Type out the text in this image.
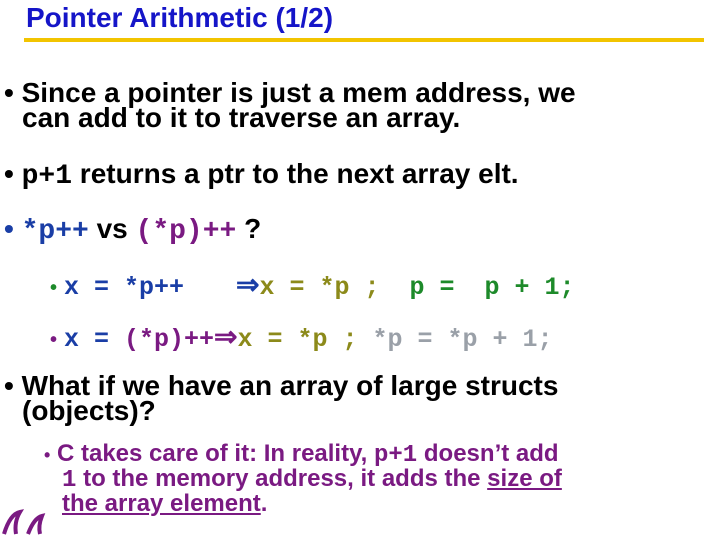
Pointer Arithmetic (1/2)
• Since a pointer is just a mem address, we
can add to it to traverse an array.
• p+1 returns a ptr to the next array elt.
• *p++ vs (*p)++ ?
• x = *p++    ⇒x = *p ;  p =  p + 1;
• x = (*p)++⇒x = *p ; *p = *p + 1;
• What if we have an array of large structs
(objects)?
• C takes care of it: In reality, p+1 doesn’t add
1 to the memory address, it adds the size of
the array element.
